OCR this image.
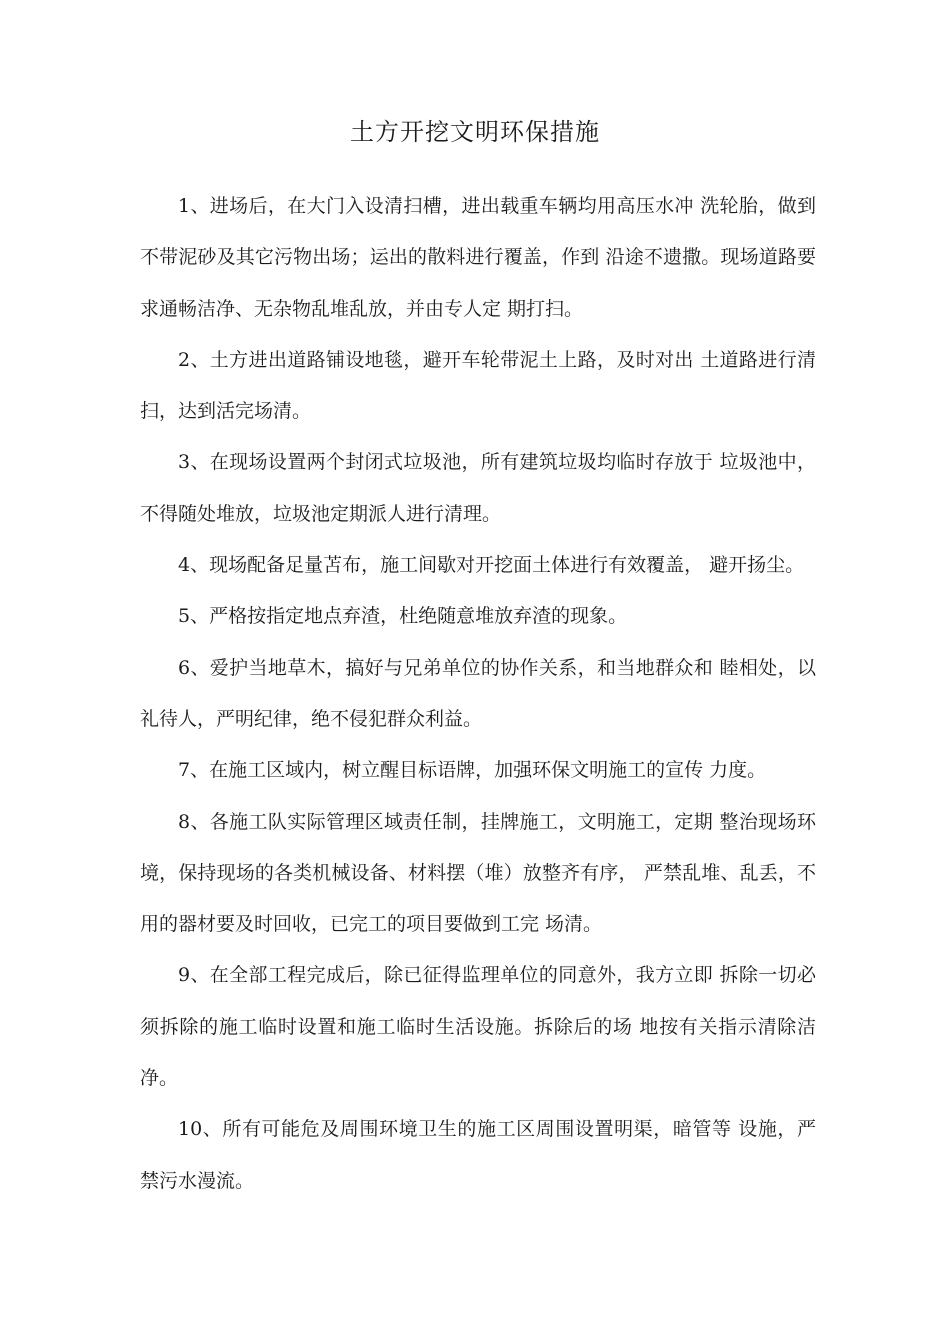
土方开挖文明环保措施

1、进场后，在大门入设清扫槽，进出载重车辆均用高压水冲 洗轮胎，做到不带泥砂及其它污物出场；运出的散料进行覆盖，作到 沿途不遗撒。现场道路要求通畅洁净、无杂物乱堆乱放，并由专人定 期打扫。

2、土方进出道路铺设地毯，避开车轮带泥土上路，及时对出 土道路进行清扫，达到活完场清。

3、在现场设置两个封闭式垃圾池，所有建筑垃圾均临时存放于 垃圾池中，不得随处堆放，垃圾池定期派人进行清理。

4、现场配备足量苫布，施工间歇对开挖面土体进行有效覆盖， 避开扬尘。

5、严格按指定地点弃渣，杜绝随意堆放弃渣的现象。

6、爱护当地草木，搞好与兄弟单位的协作关系，和当地群众和 睦相处，以礼待人，严明纪律，绝不侵犯群众利益。

7、在施工区域内，树立醒目标语牌，加强环保文明施工的宣传 力度。

8、各施工队实际管理区域责任制，挂牌施工，文明施工，定期 整治现场环境，保持现场的各类机械设备、材料摆（堆）放整齐有序， 严禁乱堆、乱丢，不用的器材要及时回收，已完工的项目要做到工完 场清。

9、在全部工程完成后，除已征得监理单位的同意外，我方立即 拆除一切必须拆除的施工临时设置和施工临时生活设施。拆除后的场 地按有关指示清除洁净。

10、所有可能危及周围环境卫生的施工区周围设置明渠，暗管等 设施，严禁污水漫流。
